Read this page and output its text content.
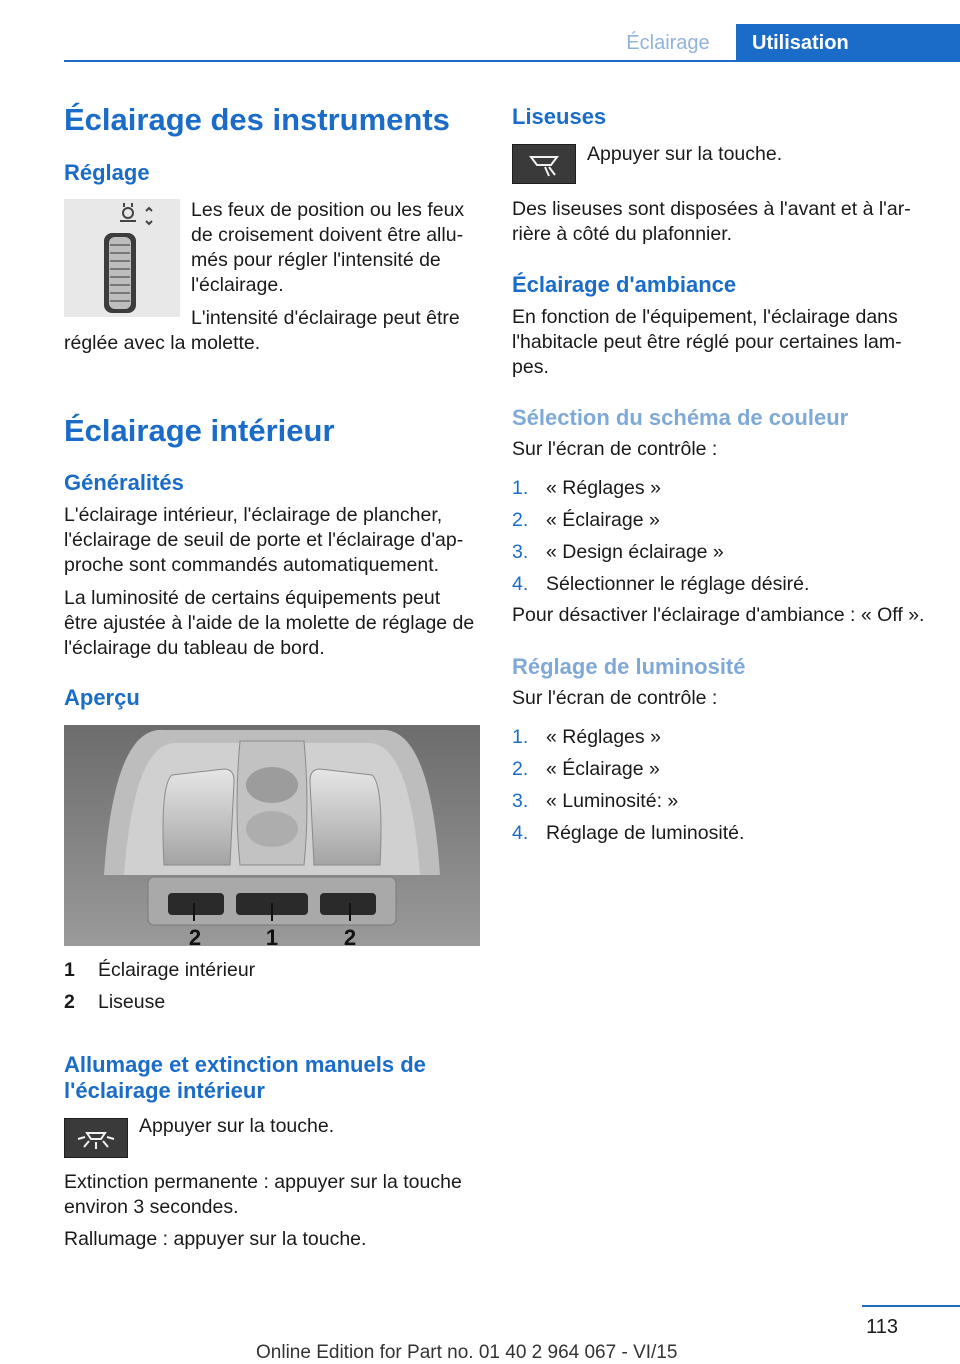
Éclairage	Utilisation
Éclairage des instruments
Réglage
Les feux de position ou les feux
de croisement doivent être allu‐
més pour régler l'intensité de
l'éclairage.
L'intensité d'éclairage peut être
réglée avec la molette.
Éclairage intérieur
Généralités
L'éclairage intérieur, l'éclairage de plancher,
l'éclairage de seuil de porte et l'éclairage d'ap‐
proche sont commandés automatiquement.
La luminosité de certains équipements peut
être ajustée à l'aide de la molette de réglage de
l'éclairage du tableau de bord.
Aperçu
2	1	2
1 Éclairage intérieur
2 Liseuse
Allumage et extinction manuels de
l'éclairage intérieur
Appuyer sur la touche.
Extinction permanente : appuyer sur la touche
environ 3 secondes.
Rallumage : appuyer sur la touche.
Liseuses
Appuyer sur la touche.
Des liseuses sont disposées à l'avant et à l'ar‐
rière à côté du plafonnier.
Éclairage d'ambiance
En fonction de l'équipement, l'éclairage dans
l'habitacle peut être réglé pour certaines lam‐
pes.
Sélection du schéma de couleur
Sur l'écran de contrôle :
1. « Réglages »
2. « Éclairage »
3. « Design éclairage »
4. Sélectionner le réglage désiré.
Pour désactiver l'éclairage d'ambiance : « Off ».
Réglage de luminosité
Sur l'écran de contrôle :
1. « Réglages »
2. « Éclairage »
3. « Luminosité: »
4. Réglage de luminosité.
113
Online Edition for Part no. 01 40 2 964 067 - VI/15
